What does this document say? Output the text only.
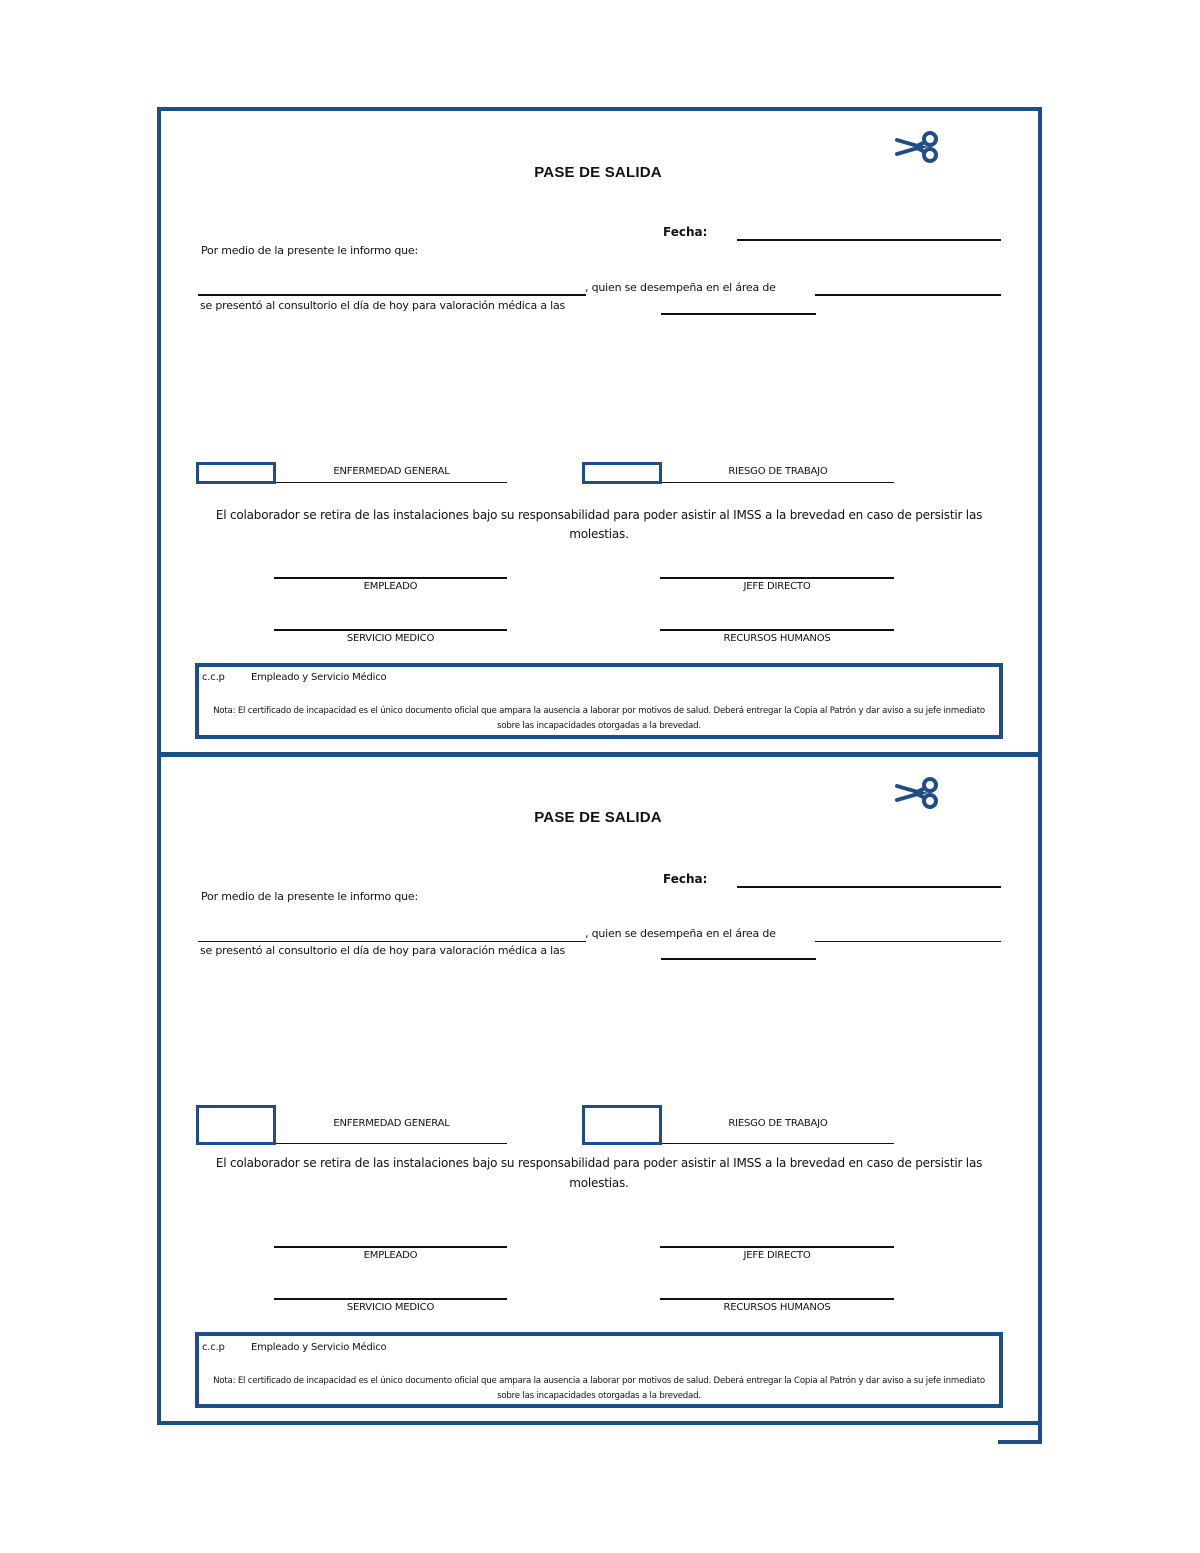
PASE DE SALIDA
Fecha:
Por medio de la presente le informo que:
, quien se desempeña en el área de
se presentó al consultorio el día de hoy para valoración médica a las
ENFERMEDAD GENERAL	RIESGO DE TRABAJO
El colaborador se retira de las instalaciones bajo su responsabilidad para poder asistir al IMSS a la brevedad en caso de persistir las molestias.
EMPLEADO	JEFE DIRECTO
SERVICIO MEDICO	RECURSOS HUMANOS
c.c.p	Empleado y Servicio Médico
Nota: El certificado de incapacidad es el único documento oficial que ampara la ausencia a laborar por motivos de salud. Deberá entregar la Copia al Patrón y dar aviso a su jefe inmediato sobre las incapacidades otorgadas a la brevedad.
PASE DE SALIDA
Fecha:
Por medio de la presente le informo que:
, quien se desempeña en el área de
se presentó al consultorio el día de hoy para valoración médica a las
ENFERMEDAD GENERAL	RIESGO DE TRABAJO
El colaborador se retira de las instalaciones bajo su responsabilidad para poder asistir al IMSS a la brevedad en caso de persistir las molestias.
EMPLEADO	JEFE DIRECTO
SERVICIO MEDICO	RECURSOS HUMANOS
c.c.p	Empleado y Servicio Médico
Nota: El certificado de incapacidad es el único documento oficial que ampara la ausencia a laborar por motivos de salud. Deberá entregar la Copia al Patrón y dar aviso a su jefe inmediato sobre las incapacidades otorgadas a la brevedad.
